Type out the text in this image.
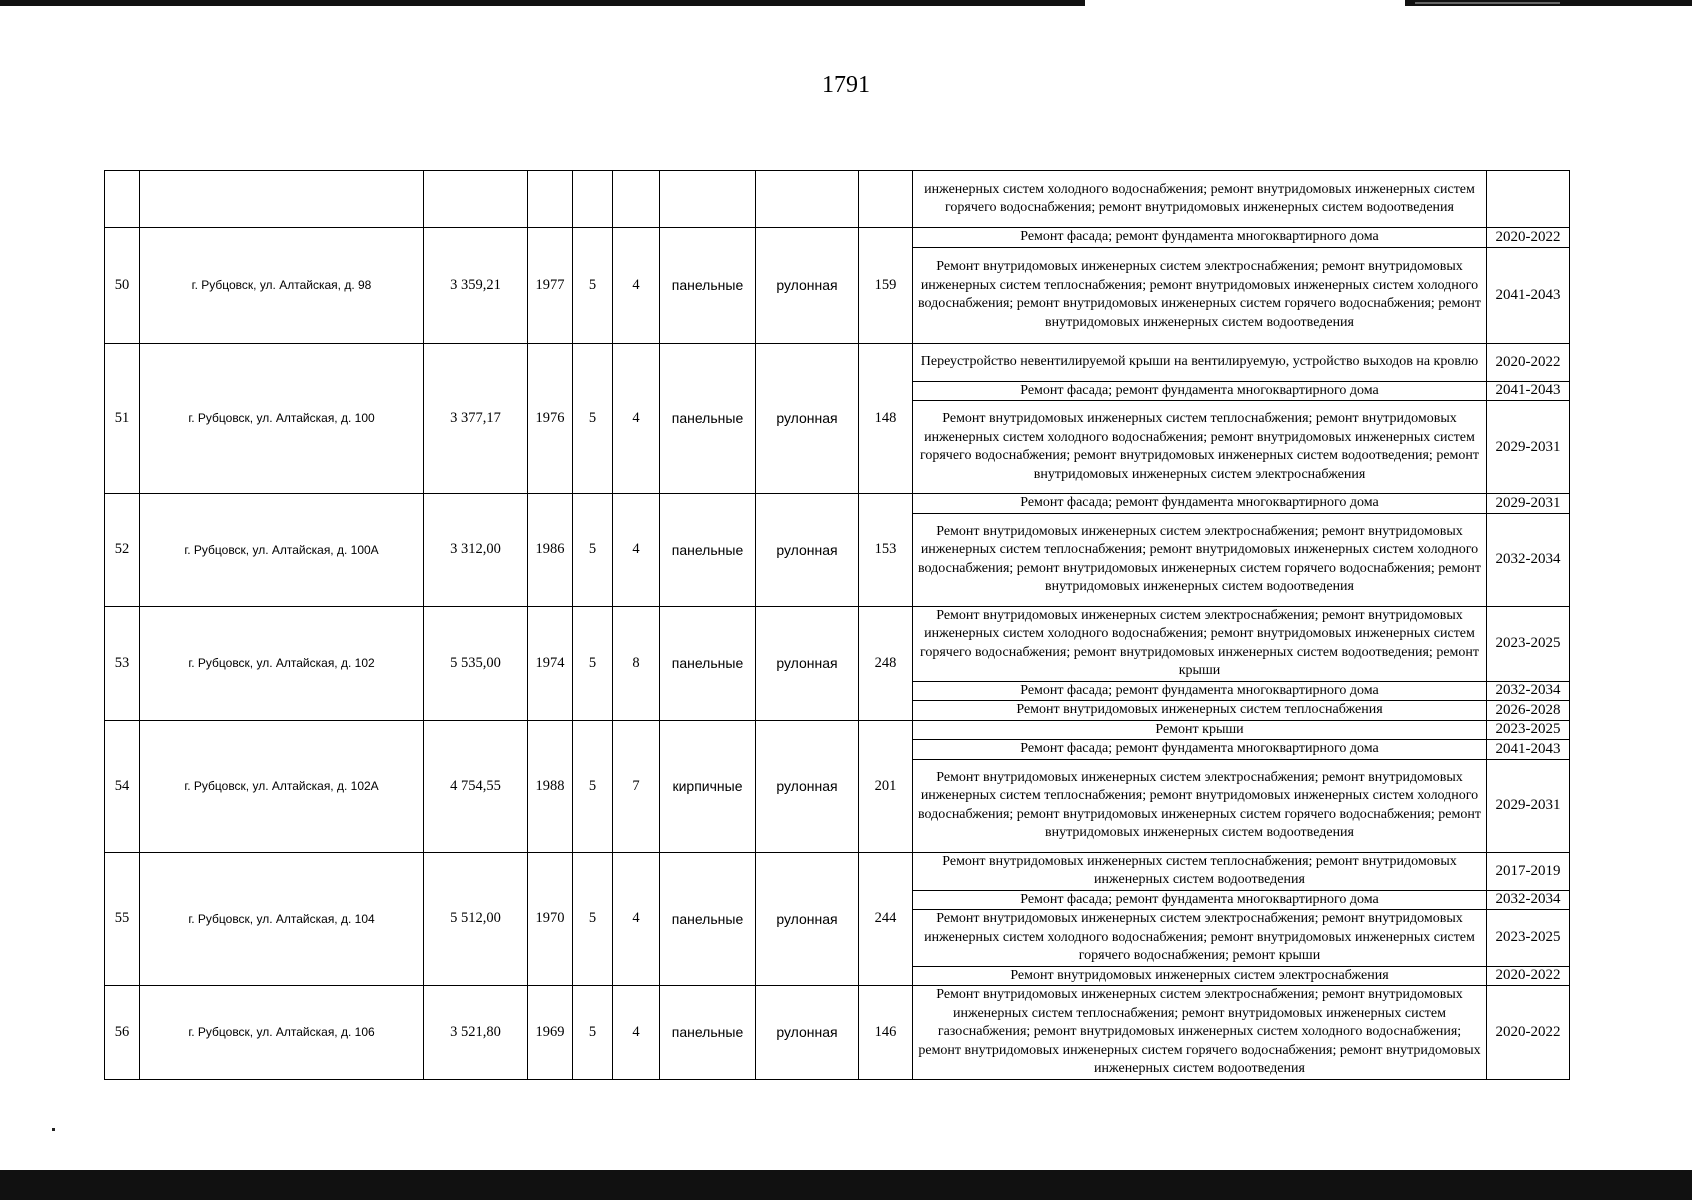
1791
									инженерных систем холодного водоснабжения; ремонт внутридомовых инженерных систем горячего водоснабжения; ремонт внутридомовых инженерных систем водоотведения	
50	г. Рубцовск, ул. Алтайская, д. 98	3 359,21	1977	5	4	панельные	рулонная	159	Ремонт фасада; ремонт фундамента многоквартирного дома	2020-2022
									Ремонт внутридомовых инженерных систем электроснабжения; ремонт внутридомовых инженерных систем теплоснабжения; ремонт внутридомовых инженерных систем холодного водоснабжения; ремонт внутридомовых инженерных систем горячего водоснабжения; ремонт внутридомовых инженерных систем водоотведения	2041-2043
51	г. Рубцовск, ул. Алтайская, д. 100	3 377,17	1976	5	4	панельные	рулонная	148	Переустройство невентилируемой крыши на вентилируемую, устройство выходов на кровлю	2020-2022
									Ремонт фасада; ремонт фундамента многоквартирного дома	2041-2043
									Ремонт внутридомовых инженерных систем теплоснабжения; ремонт внутридомовых инженерных систем холодного водоснабжения; ремонт внутридомовых инженерных систем горячего водоснабжения; ремонт внутридомовых инженерных систем водоотведения; ремонт внутридомовых инженерных систем электроснабжения	2029-2031
52	г. Рубцовск, ул. Алтайская, д. 100А	3 312,00	1986	5	4	панельные	рулонная	153	Ремонт фасада; ремонт фундамента многоквартирного дома	2029-2031
									Ремонт внутридомовых инженерных систем электроснабжения; ремонт внутридомовых инженерных систем теплоснабжения; ремонт внутридомовых инженерных систем холодного водоснабжения; ремонт внутридомовых инженерных систем горячего водоснабжения; ремонт внутридомовых инженерных систем водоотведения	2032-2034
53	г. Рубцовск, ул. Алтайская, д. 102	5 535,00	1974	5	8	панельные	рулонная	248	Ремонт внутридомовых инженерных систем электроснабжения; ремонт внутридомовых инженерных систем холодного водоснабжения; ремонт внутридомовых инженерных систем горячего водоснабжения; ремонт внутридомовых инженерных систем водоотведения; ремонт крыши	2023-2025
									Ремонт фасада; ремонт фундамента многоквартирного дома	2032-2034
									Ремонт внутридомовых инженерных систем теплоснабжения	2026-2028
54	г. Рубцовск, ул. Алтайская, д. 102А	4 754,55	1988	5	7	кирпичные	рулонная	201	Ремонт крыши	2023-2025
									Ремонт фасада; ремонт фундамента многоквартирного дома	2041-2043
									Ремонт внутридомовых инженерных систем электроснабжения; ремонт внутридомовых инженерных систем теплоснабжения; ремонт внутридомовых инженерных систем холодного водоснабжения; ремонт внутридомовых инженерных систем горячего водоснабжения; ремонт внутридомовых инженерных систем водоотведения	2029-2031
55	г. Рубцовск, ул. Алтайская, д. 104	5 512,00	1970	5	4	панельные	рулонная	244	Ремонт внутридомовых инженерных систем теплоснабжения; ремонт внутридомовых инженерных систем водоотведения	2017-2019
									Ремонт фасада; ремонт фундамента многоквартирного дома	2032-2034
									Ремонт внутридомовых инженерных систем электроснабжения; ремонт внутридомовых инженерных систем холодного водоснабжения; ремонт внутридомовых инженерных систем горячего водоснабжения; ремонт крыши	2023-2025
									Ремонт внутридомовых инженерных систем электроснабжения	2020-2022
56	г. Рубцовск, ул. Алтайская, д. 106	3 521,80	1969	5	4	панельные	рулонная	146	Ремонт внутридомовых инженерных систем электроснабжения; ремонт внутридомовых инженерных систем теплоснабжения; ремонт внутридомовых инженерных систем газоснабжения; ремонт внутридомовых инженерных систем холодного водоснабжения; ремонт внутридомовых инженерных систем горячего водоснабжения; ремонт внутридомовых инженерных систем водоотведения	2020-2022
